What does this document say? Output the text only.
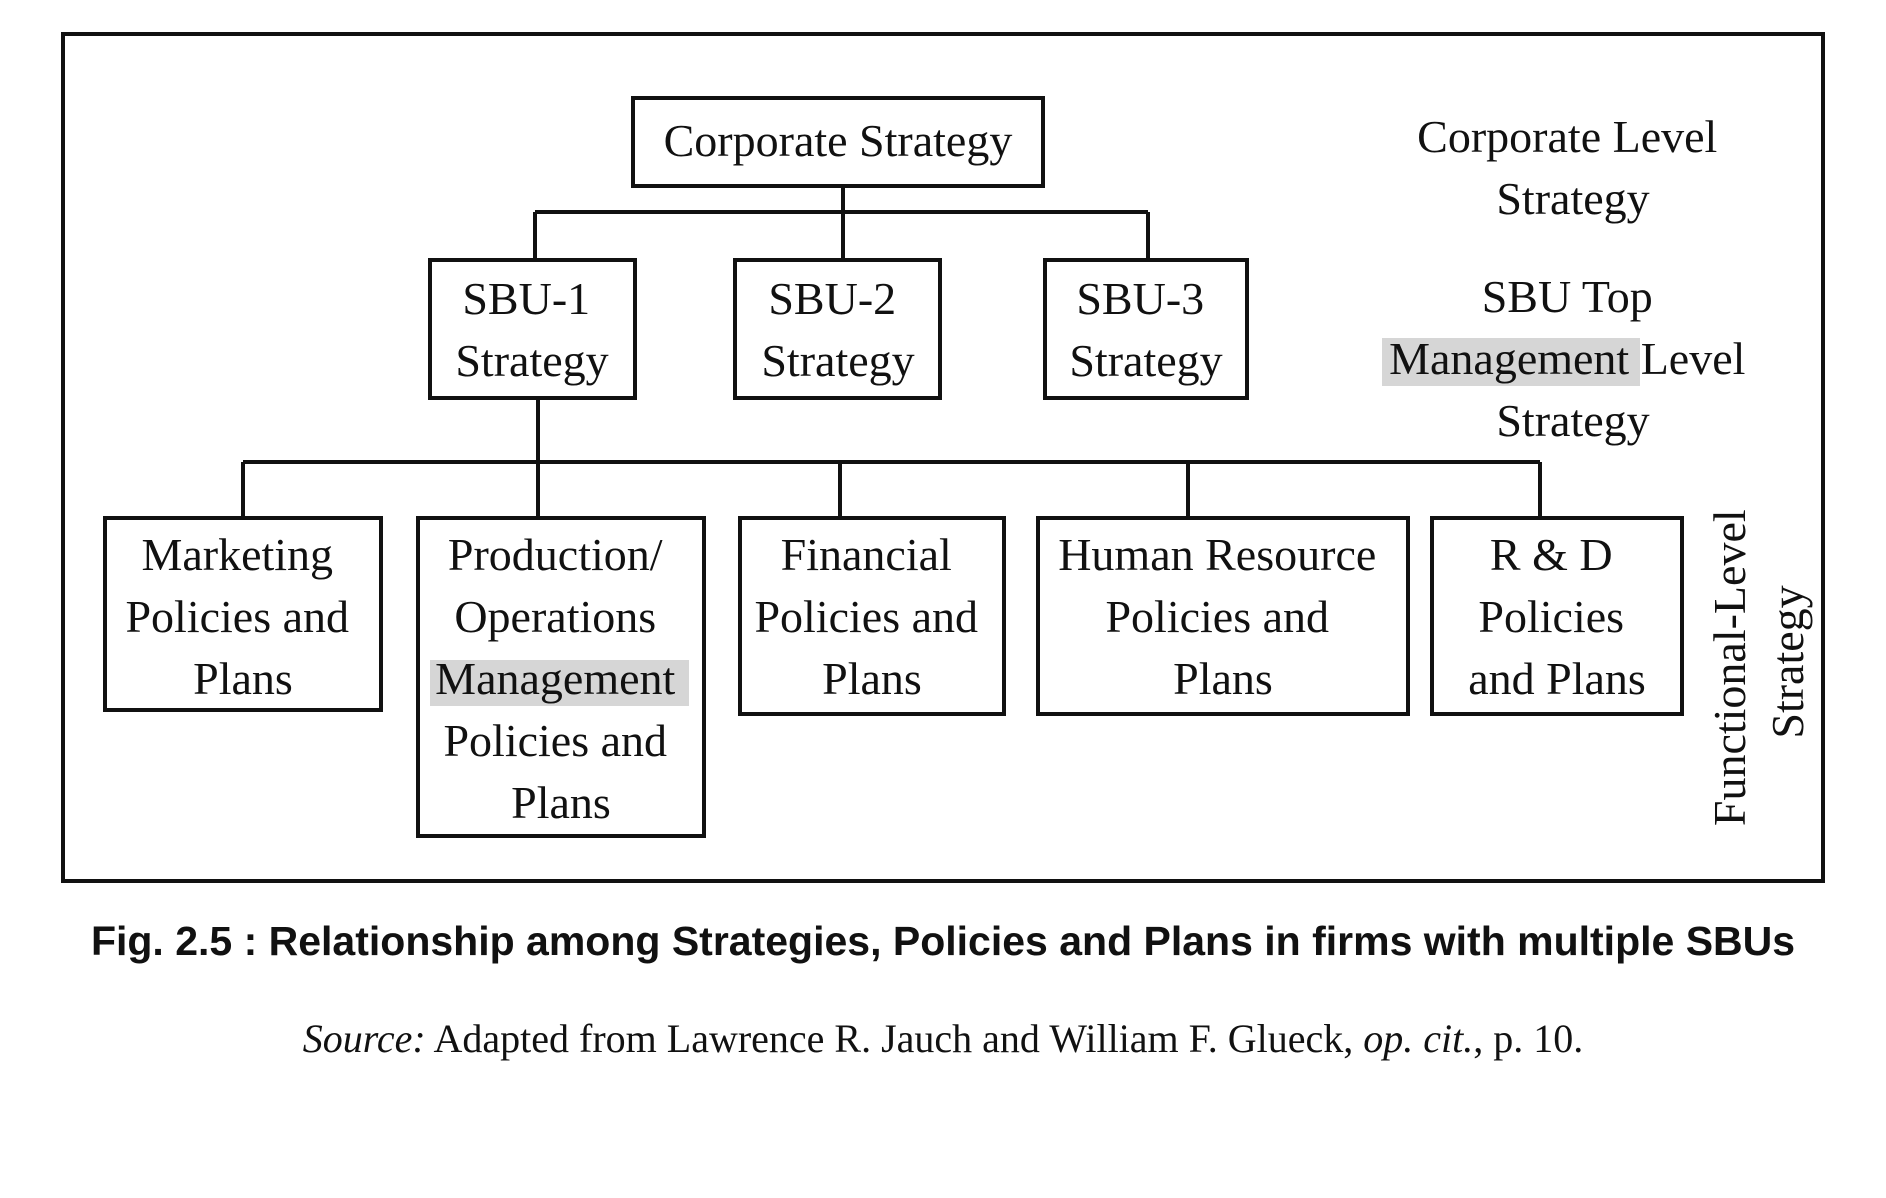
Corporate Strategy
SBU-1 Strategy
SBU-2 Strategy
SBU-3 Strategy
Marketing Policies and Plans
Production/ Operations Management Policies and Plans
Financial Policies and Plans
Human Resource Policies and Plans
R & D Policies and Plans
Corporate Level Strategy
SBU Top Management Level Strategy
Functional-Level Strategy
Fig. 2.5 : Relationship among Strategies, Policies and Plans in firms with multiple SBUs
Source: Adapted from Lawrence R. Jauch and William F. Glueck, op. cit., p. 10.
